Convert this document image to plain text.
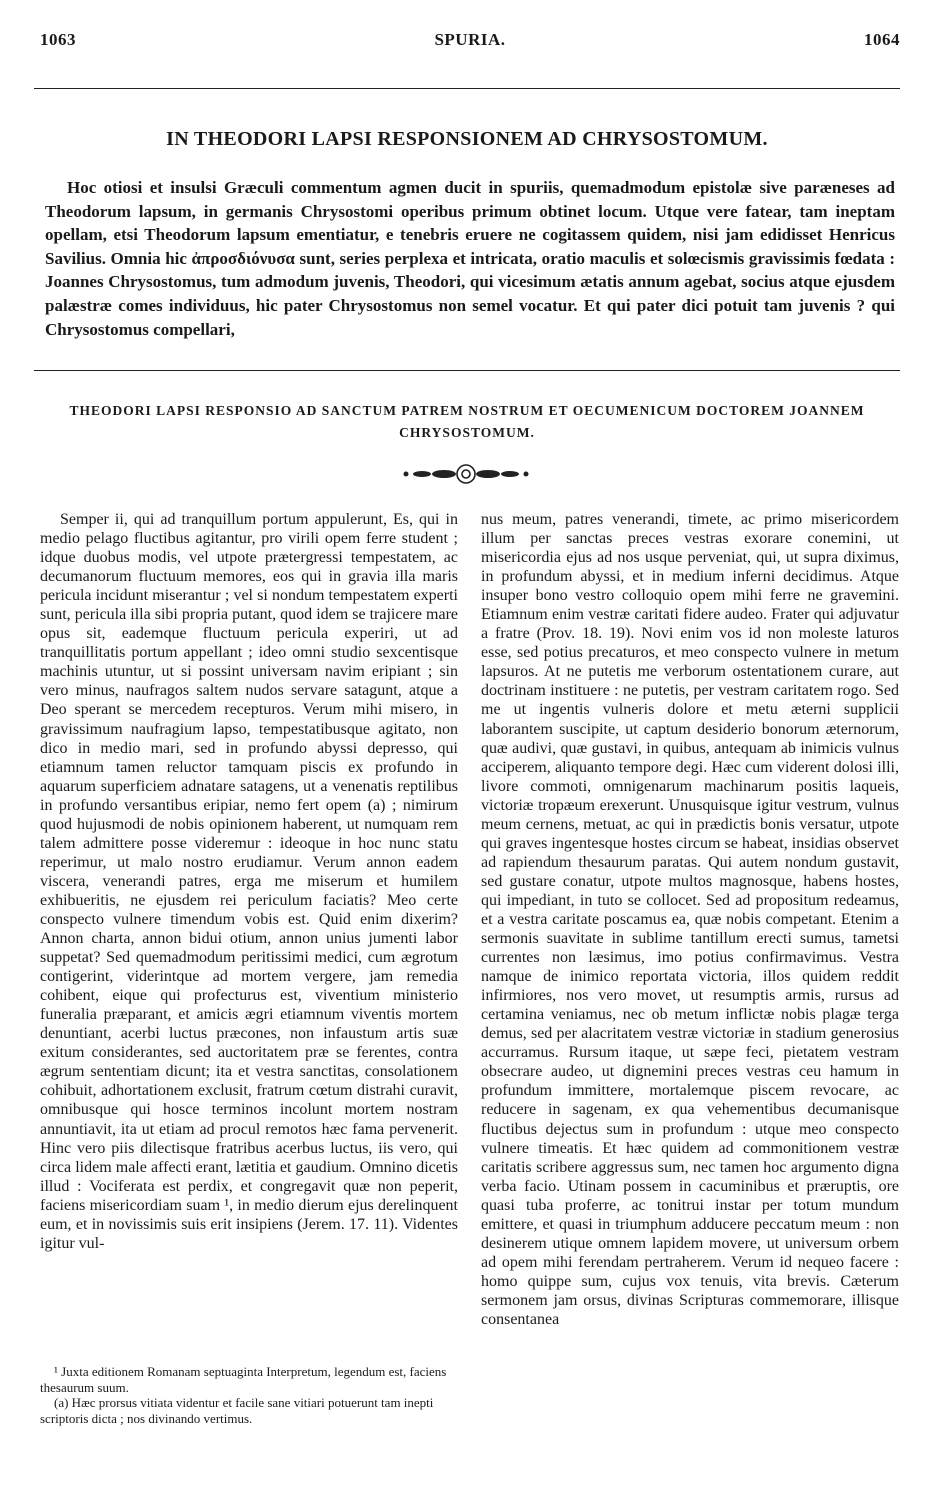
1063	SPURIA.	1064
IN THEODORI LAPSI RESPONSIONEM AD CHRYSOSTOMUM.
Hoc otiosi et insulsi Græculi commentum agmen ducit in spuriis, quemadmodum epistolæ sive paræneses ad Theodorum lapsum, in germanis Chrysostomi operibus primum obtinet locum. Utque vere fatear, tam ineptam opellam, etsi Theodorum lapsum ementiatur, e tenebris eruere ne cogitassem quidem, nisi jam edidisset Henricus Savilius. Omnia hic ἀπροσδιόνυσα sunt, series perplexa et intricata, oratio maculis et solœcismis gravissimis fœdata : Joannes Chrysostomus, tum admodum juvenis, Theodori, qui vicesimum ætatis annum agebat, socius atque ejusdem palæstræ comes individuus, hic pater Chrysostomus non semel vocatur. Et qui pater dici potuit tam juvenis ? qui Chrysostomus compellari,
THEODORI LAPSI RESPONSIO AD SANCTUM PATREM NOSTRUM ET OECUMENICUM DOCTOREM JOANNEM CHRYSOSTOMUM.
Semper ii, qui ad tranquillum portum appulerunt, Es, qui in medio pelago fluctibus agitantur, pro virili opem ferre student ; idque duobus modis, vel utpote prætergressi tempestatem, ac decumanorum fluctuum memores, eos qui in gravia illa maris pericula incidunt miserantur ; vel si nondum tempestatem experti sunt, pericula illa sibi propria putant, quod idem se trajicere mare opus sit, eademque fluctuum pericula experiri, ut ad tranquillitatis portum appellant ; ideo omni studio sexcentisque machinis utuntur, ut si possint universam navim eripiant ; sin vero minus, naufragos saltem nudos servare satagunt, atque a Deo sperant se mercedem recepturos. Verum mihi misero, in gravissimum naufragium lapso, tempestatibusque agitato, non dico in medio mari, sed in profundo abyssi depresso, qui etiamnum tamen reluctor tamquam piscis ex profundo in aquarum superficiem adnatare satagens, ut a venenatis reptilibus in profundo versantibus eripiar, nemo fert opem (a) ; nimirum quod hujusmodi de nobis opinionem haberent, ut numquam rem talem admittere posse videremur : ideoque in hoc nunc statu reperimur, ut malo nostro erudiamur. Verum annon eadem viscera, venerandi patres, erga me miserum et humilem exhibueritis, ne ejusdem rei periculum faciatis? Meo certe conspecto vulnere timendum vobis est. Quid enim dixerim? Annon charta, annon bidui otium, annon unius jumenti labor suppetat? Sed quemadmodum peritissimi medici, cum ægrotum contigerint, viderintque ad mortem vergere, jam remedia cohibent, eique qui profecturus est, viventium ministerio funeralia præparant, et amicis ægri etiamnum viventis mortem denuntiant, acerbi luctus præcones, non infaustum artis suæ exitum considerantes, sed auctoritatem præ se ferentes, contra ægrum sententiam dicunt; ita et vestra sanctitas, consolationem cohibuit, adhortationem exclusit, fratrum cœtum distrahi curavit, omnibusque qui hosce terminos incolunt mortem nostram annuntiavit, ita ut etiam ad procul remotos hæc fama pervenerit. Hinc vero piis dilectisque fratribus acerbus luctus, iis vero, qui circa lidem male affecti erant, lætitia et gaudium. Omnino dicetis illud : Vociferata est perdix, et congregavit quæ non peperit, faciens misericordiam suam ¹, in medio dierum ejus derelinquent eum, et in novissimis suis erit insipiens (Jerem. 17. 11). Videntes igitur vul-
nus meum, patres venerandi, timete, ac primo misericordem illum per sanctas preces vestras exorare conemini, ut misericordia ejus ad nos usque perveniat, qui, ut supra diximus, in profundum abyssi, et in medium inferni decidimus. Atque insuper bono vestro colloquio opem mihi ferre ne gravemini. Etiamnum enim vestræ caritati fidere audeo. Frater qui adjuvatur a fratre (Prov. 18. 19). Novi enim vos id non moleste laturos esse, sed potius precaturos, et meo conspecto vulnere in metum lapsuros. At ne putetis me verborum ostentationem curare, aut doctrinam instituere : ne putetis, per vestram caritatem rogo. Sed me ut ingentis vulneris dolore et metu æterni supplicii laborantem suscipite, ut captum desiderio bonorum æternorum, quæ audivi, quæ gustavi, in quibus, antequam ab inimicis vulnus acciperem, aliquanto tempore degi. Hæc cum viderent dolosi illi, livore commoti, omnigenarum machinarum positis laqueis, victoriæ tropæum erexerunt. Unusquisque igitur vestrum, vulnus meum cernens, metuat, ac qui in prædictis bonis versatur, utpote qui graves ingentesque hostes circum se habeat, insidias observet ad rapiendum thesaurum paratas. Qui autem nondum gustavit, sed gustare conatur, utpote multos magnosque, habens hostes, qui impediant, in tuto se collocet. Sed ad propositum redeamus, et a vestra caritate poscamus ea, quæ nobis competant. Etenim a sermonis suavitate in sublime tantillum erecti sumus, tametsi currentes non læsimus, imo potius confirmavimus. Vestra namque de inimico reportata victoria, illos quidem reddit infirmiores, nos vero movet, ut resumptis armis, rursus ad certamina veniamus, nec ob metum inflictæ nobis plagæ terga demus, sed per alacritatem vestræ victoriæ in stadium generosius accurramus. Rursum itaque, ut sæpe feci, pietatem vestram obsecrare audeo, ut dignemini preces vestras ceu hamum in profundum immittere, mortalemque piscem revocare, ac reducere in sagenam, ex qua vehementibus decumanisque fluctibus dejectus sum in profundum : utque meo conspecto vulnere timeatis. Et hæc quidem ad commonitionem vestræ caritatis scribere aggressus sum, nec tamen hoc argumento digna verba facio. Utinam possem in cacuminibus et præruptis, ore quasi tuba proferre, ac tonitrui instar per totum mundum emittere, et quasi in triumphum adducere peccatum meum : non desinerem utique omnem lapidem movere, ut universum orbem ad opem mihi ferendam pertraherem. Verum id nequeo facere : homo quippe sum, cujus vox tenuis, vita brevis. Cæterum sermonem jam orsus, divinas Scripturas commemorare, illisque consentanea

¹ Juxta editionem Romanam septuaginta Interpretum, legendum est, faciens thesaurum suum.

(a) Hæc prorsus vitiata videntur et facile sane vitiari potuerunt tam inepti scriptoris dicta ; nos divinando vertimus.
